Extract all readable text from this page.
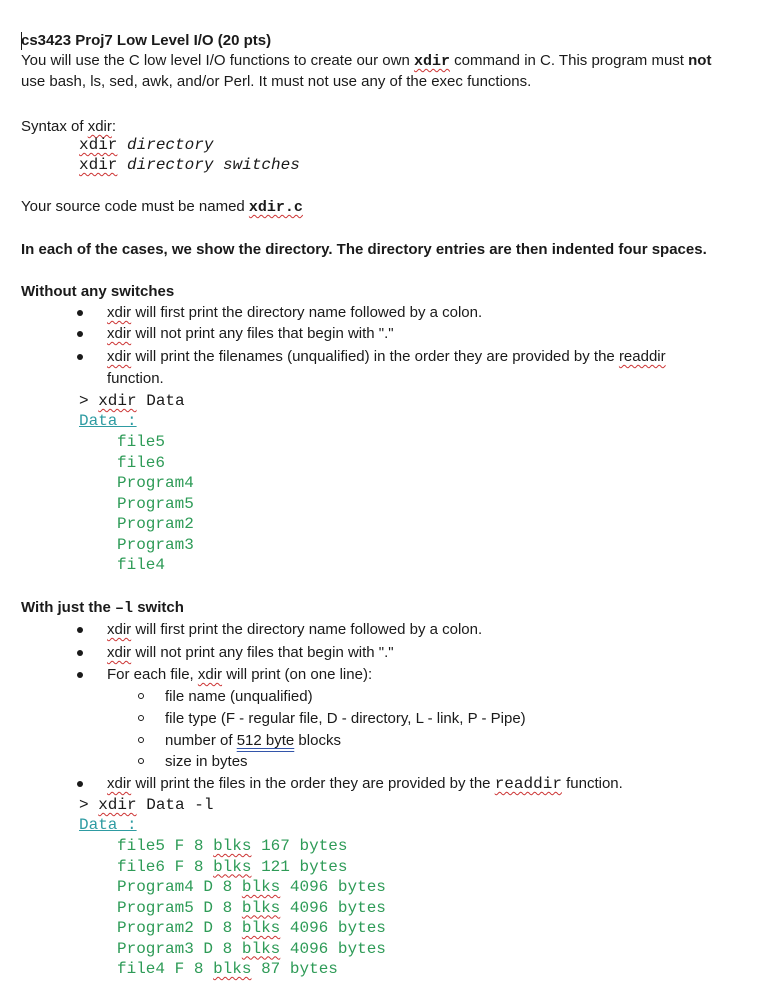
cs3423 Proj7 Low Level I/O (20 pts)
You will use the C low level I/O functions to create our own xdir command in C. This program must not
use bash, ls, sed, awk, and/or Perl. It must not use any of the exec functions.
Syntax of xdir:
xdir directory
xdir directory switches
Your source code must be named xdir.c
In each of the cases, we show the directory. The directory entries are then indented four spaces.
Without any switches
xdir will first print the directory name followed by a colon.
xdir will not print any files that begin with "."
xdir will print the filenames (unqualified) in the order they are provided by the readdir
function.
> xdir Data
Data :
file5
file6
Program4
Program5
Program2
Program3
file4
With just the –l switch
xdir will first print the directory name followed by a colon.
xdir will not print any files that begin with "."
For each file, xdir will print (on one line):
file name (unqualified)
file type (F - regular file, D - directory, L - link, P - Pipe)
number of 512 byte blocks
size in bytes
xdir will print the files in the order they are provided by the readdir function.
> xdir Data -l
Data :
file5 F 8 blks 167 bytes
file6 F 8 blks 121 bytes
Program4 D 8 blks 4096 bytes
Program5 D 8 blks 4096 bytes
Program2 D 8 blks 4096 bytes
Program3 D 8 blks 4096 bytes
file4 F 8 blks 87 bytes
